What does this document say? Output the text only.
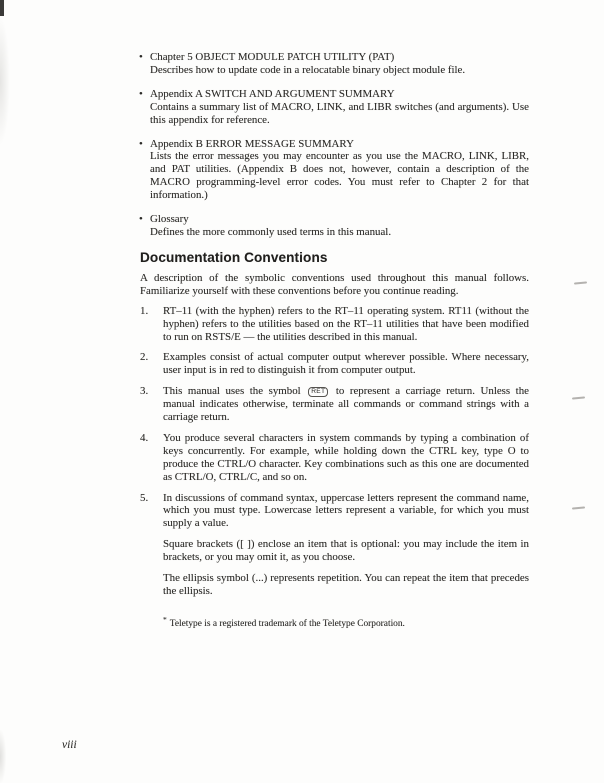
• Chapter 5 OBJECT MODULE PATCH UTILITY (PAT)
Describes how to update code in a relocatable binary object module file.
• Appendix A SWITCH AND ARGUMENT SUMMARY
Contains a summary list of MACRO, LINK, and LIBR switches (and arguments). Use this appendix for reference.
• Appendix B ERROR MESSAGE SUMMARY
Lists the error messages you may encounter as you use the MACRO, LINK, LIBR, and PAT utilities. (Appendix B does not, however, contain a description of the MACRO programming-level error codes. You must refer to Chapter 2 for that information.)
• Glossary
Defines the more commonly used terms in this manual.
Documentation Conventions

A description of the symbolic conventions used throughout this manual follows. Familiarize yourself with these conventions before you continue reading.

1. RT–11 (with the hyphen) refers to the RT–11 operating system. RT11 (without the hyphen) refers to the utilities based on the RT–11 utilities that have been modified to run on RSTS/E — the utilities described in this manual.

2. Examples consist of actual computer output wherever possible. Where necessary, user input is in red to distinguish it from computer output.

3. This manual uses the symbol RET to represent a carriage return. Unless the manual indicates otherwise, terminate all commands or command strings with a carriage return.

4. You produce several characters in system commands by typing a combination of keys concurrently. For example, while holding down the CTRL key, type O to produce the CTRL/O character. Key combinations such as this one are documented as CTRL/O, CTRL/C, and so on.

5. In discussions of command syntax, uppercase letters represent the command name, which you must type. Lowercase letters represent a variable, for which you must supply a value.

Square brackets ([ ]) enclose an item that is optional: you may include the item in brackets, or you may omit it, as you choose.

The ellipsis symbol (...) represents repetition. You can repeat the item that precedes the ellipsis.

* Teletype is a registered trademark of the Teletype Corporation.
viii
